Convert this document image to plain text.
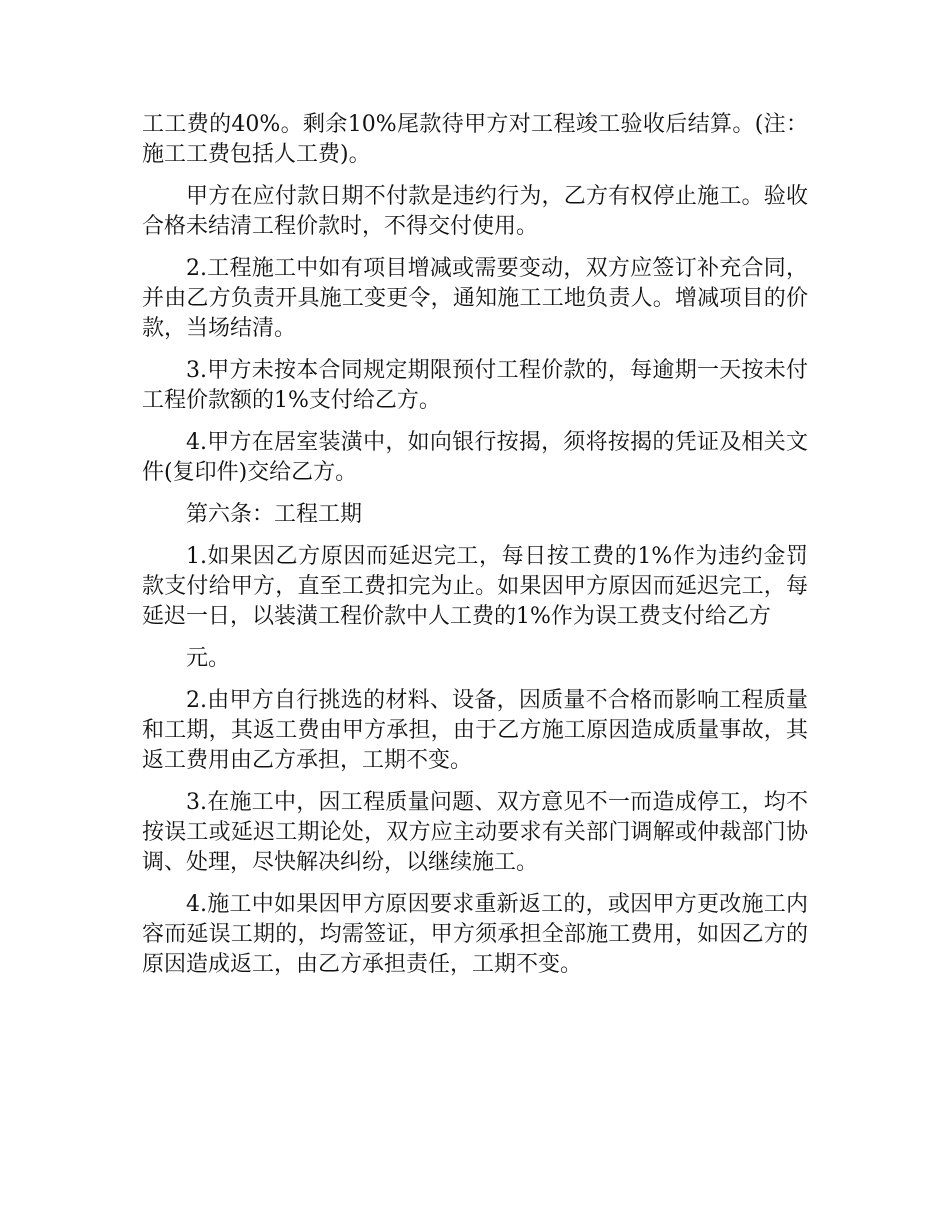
工工费的40%。剩余10%尾款待甲方对工程竣工验收后结算。(注：施工工费包括人工费)。

甲方在应付款日期不付款是违约行为，乙方有权停止施工。验收合格未结清工程价款时，不得交付使用。

2.工程施工中如有项目增减或需要变动，双方应签订补充合同，并由乙方负责开具施工变更令，通知施工工地负责人。增减项目的价款，当场结清。

3.甲方未按本合同规定期限预付工程价款的，每逾期一天按未付工程价款额的1%支付给乙方。

4.甲方在居室装潢中，如向银行按揭，须将按揭的凭证及相关文件(复印件)交给乙方。

第六条：工程工期

1.如果因乙方原因而延迟完工，每日按工费的1%作为违约金罚款支付给甲方，直至工费扣完为止。如果因甲方原因而延迟完工，每延迟一日，以装潢工程价款中人工费的1%作为误工费支付给乙方

元。

2.由甲方自行挑选的材料、设备，因质量不合格而影响工程质量和工期，其返工费由甲方承担，由于乙方施工原因造成质量事故，其返工费用由乙方承担，工期不变。

3.在施工中，因工程质量问题、双方意见不一而造成停工，均不按误工或延迟工期论处，双方应主动要求有关部门调解或仲裁部门协调、处理，尽快解决纠纷，以继续施工。

4.施工中如果因甲方原因要求重新返工的，或因甲方更改施工内容而延误工期的，均需签证，甲方须承担全部施工费用，如因乙方的原因造成返工，由乙方承担责任，工期不变。
